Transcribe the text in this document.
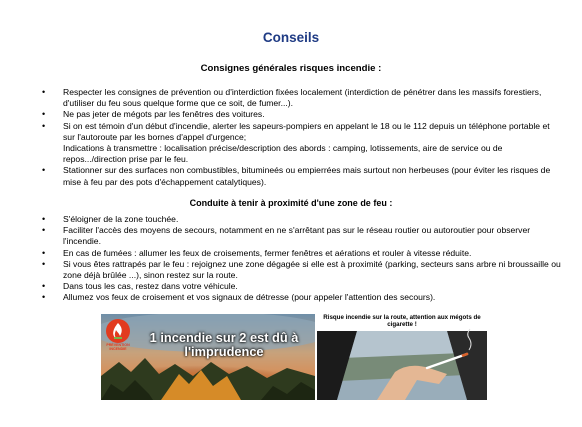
Conseils
Consignes générales risques incendie :
• Respecter les consignes de prévention ou d'interdiction fixées localement (interdiction de pénétrer dans les massifs forestiers, d'utiliser du feu sous quelque forme que ce soit, de fumer...).
• Ne pas jeter de mégots par les fenêtres des voitures.
• Si on est témoin d'un début d'incendie, alerter les sapeurs-pompiers en appelant le 18 ou le 112 depuis un téléphone portable et sur l'autoroute par les bornes d'appel d'urgence;
Indications à transmettre : localisation précise/description des abords : camping, lotissements, aire de service ou de repos.../direction prise par le feu.
• Stationner sur des surfaces non combustibles, bitumineés ou empierrées mais surtout non herbeuses (pour éviter les risques de mise à feu par des pots d'échappement catalytiques).
Conduite à tenir à proximité d'une zone de feu :
• S'éloigner de la zone touchée.
• Faciliter l'accès des moyens de secours, notamment en ne s'arrêtant pas sur le réseau routier ou autoroutier pour observer l'incendie.
• En cas de fumées : allumer les feux de croisements, fermer fenêtres et aérations et rouler à vitesse réduite.
• Si vous êtes rattrapés par le feu : rejoignez une zone dégagée si elle est à proximité (parking, secteurs sans arbre ni broussaille ou zone déjà brûlée ...), sinon restez sur la route.
• Dans tous les cas, restez dans votre véhicule.
• Allumez vos feux de croisement et vos signaux de détresse (pour appeler l'attention des secours).
PRÉVENTION INCENDIE
1 incendie sur 2 est dû à l'imprudence
Risque incendie sur la route, attention aux mégots de cigarette !
